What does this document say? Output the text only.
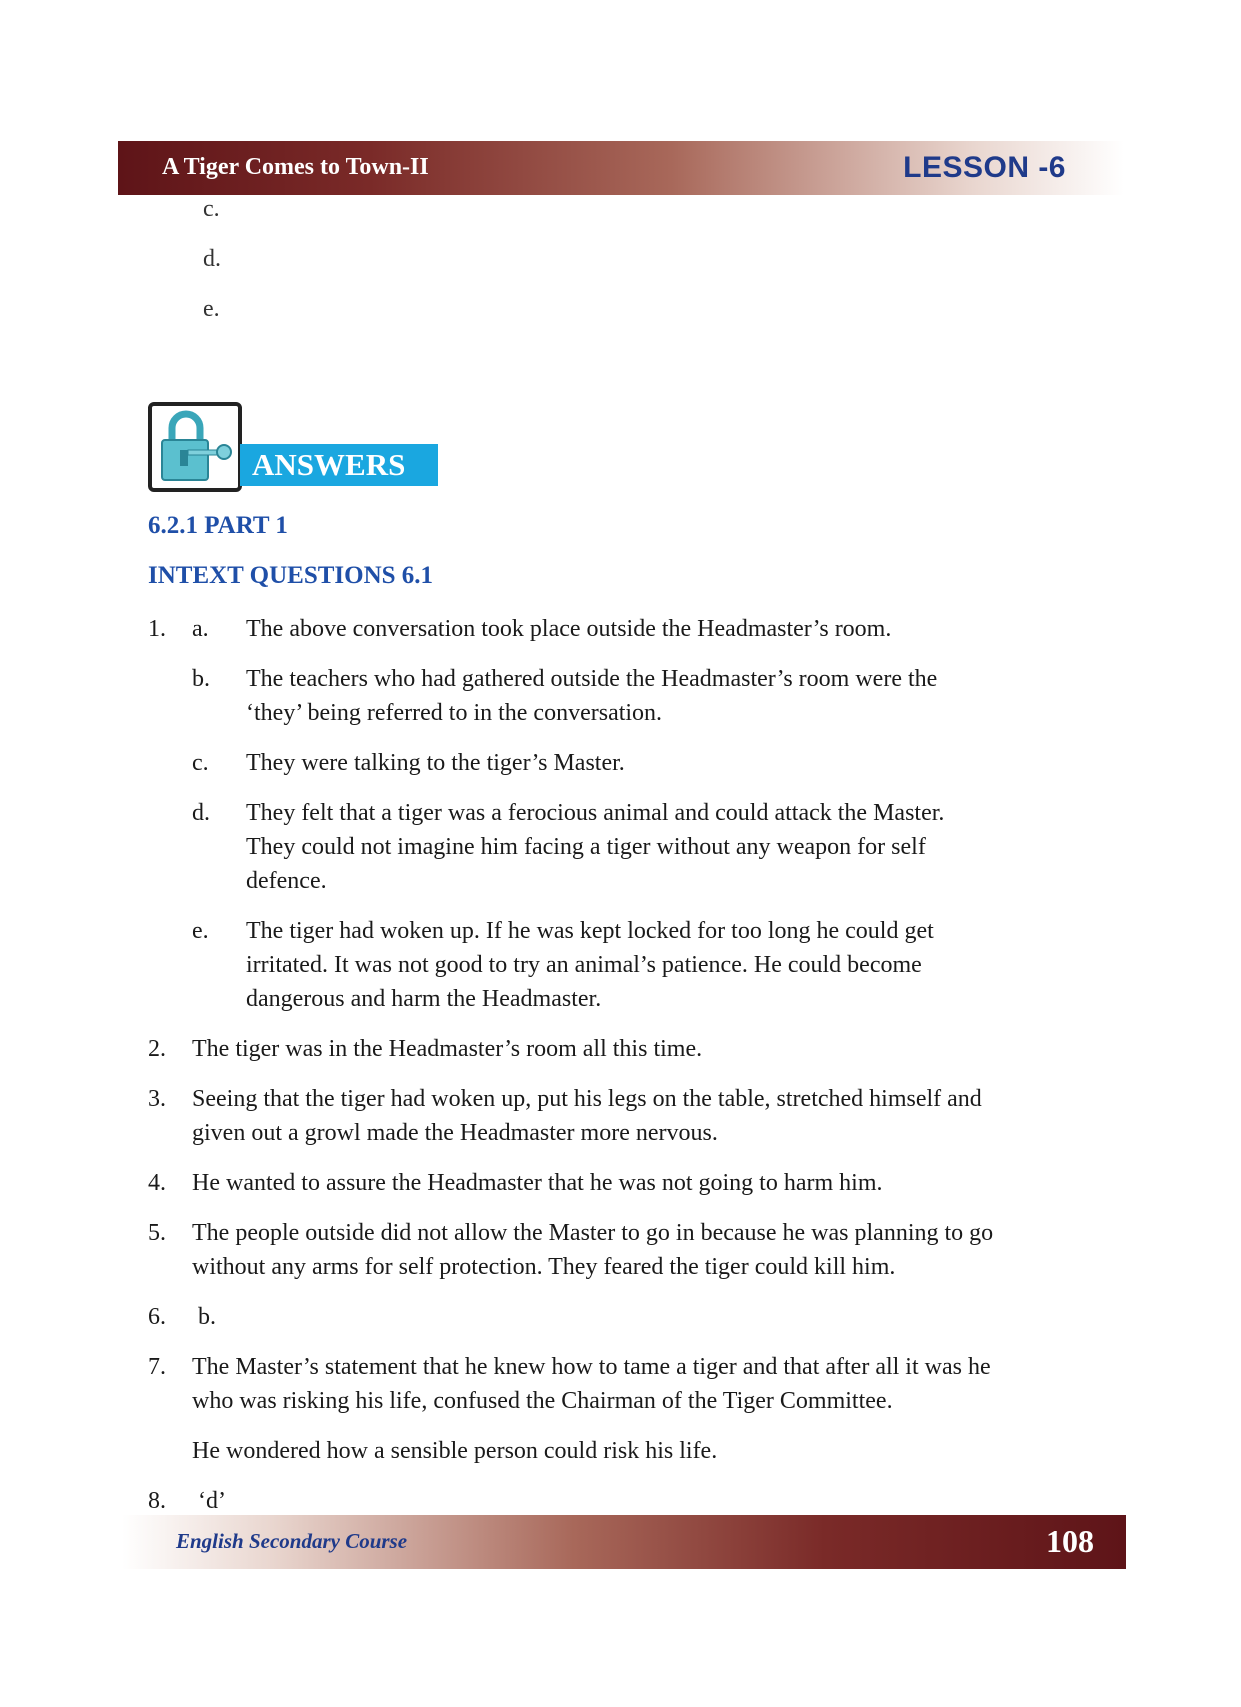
A Tiger Comes to Town-II	LESSON -6
c.
d.
e.
ANSWERS
6.2.1 PART 1
INTEXT QUESTIONS 6.1
1. a. The above conversation took place outside the Headmaster’s room.
b. The teachers who had gathered outside the Headmaster’s room were the
‘they’ being referred to in the conversation.
c. They were talking to the tiger’s Master.
d. They felt that a tiger was a ferocious animal and could attack the Master.
They could not imagine him facing a tiger without any weapon for self
defence.
e. The tiger had woken up. If he was kept locked for too long he could get
irritated. It was not good to try an animal’s patience. He could become
dangerous and harm the Headmaster.
2. The tiger was in the Headmaster’s room all this time.
3. Seeing that the tiger had woken up, put his legs on the table, stretched himself and
given out a growl made the Headmaster more nervous.
4. He wanted to assure the Headmaster that he was not going to harm him.
5. The people outside did not allow the Master to go in because he was planning to go
without any arms for self protection. They feared the tiger could kill him.
6. b.
7. The Master’s statement that he knew how to tame a tiger and that after all it was he
who was risking his life, confused the Chairman of the Tiger Committee.
He wondered how a sensible person could risk his life.
8. ‘d’
English Secondary Course	108
